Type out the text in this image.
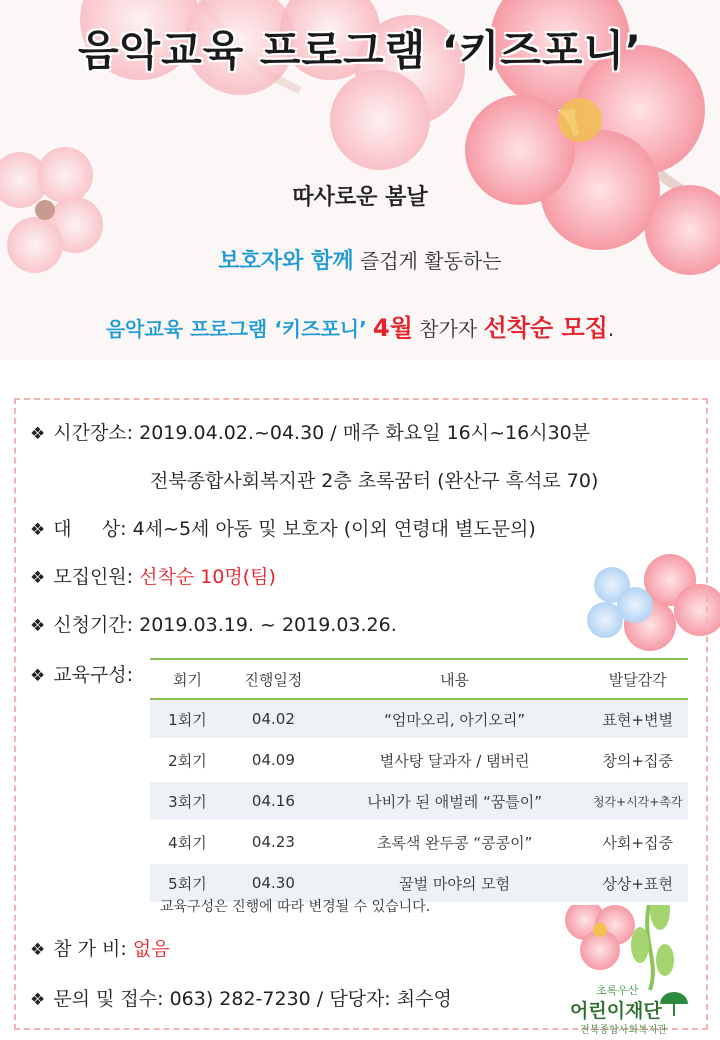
음악교육 프로그램 ‘키즈포니’
따사로운 봄날
보호자와 함께 즐겁게 활동하는
음악교육 프로그램 ‘키즈포니’ 4월 참가자 선착순 모집.
❖ 시간장소: 2019.04.02.~04.30 / 매주 화요일 16시~16시30분
전북종합사회복지관 2층 초록꿈터 (완산구 흑석로 70)
❖ 대     상: 4세~5세 아동 및 보호자 (이외 연령대 별도문의)
❖ 모집인원: 선착순 10명(팀)
❖ 신청기간: 2019.03.19. ~ 2019.03.26.
❖ 교육구성:	회기	진행일정	내용	발달감각
1회기	04.02	“엄마오리, 아기오리”	표현+변별
2회기	04.09	별사탕 달과자 / 탬버린	창의+집중
3회기	04.16	나비가 된 애벌레 “꿈틀이”	청각+시각+촉각
4회기	04.23	초록색 완두콩 “콩콩이”	사회+집중
5회기	04.30	꿀벌 마야의 모험	상상+표현
교육구성은 진행에 따라 변경될 수 있습니다.
❖ 참 가 비: 없음
❖ 문의 및 접수: 063) 282-7230 / 담당자: 최수영	초록우산
어린이재단
전북종합사회복지관
